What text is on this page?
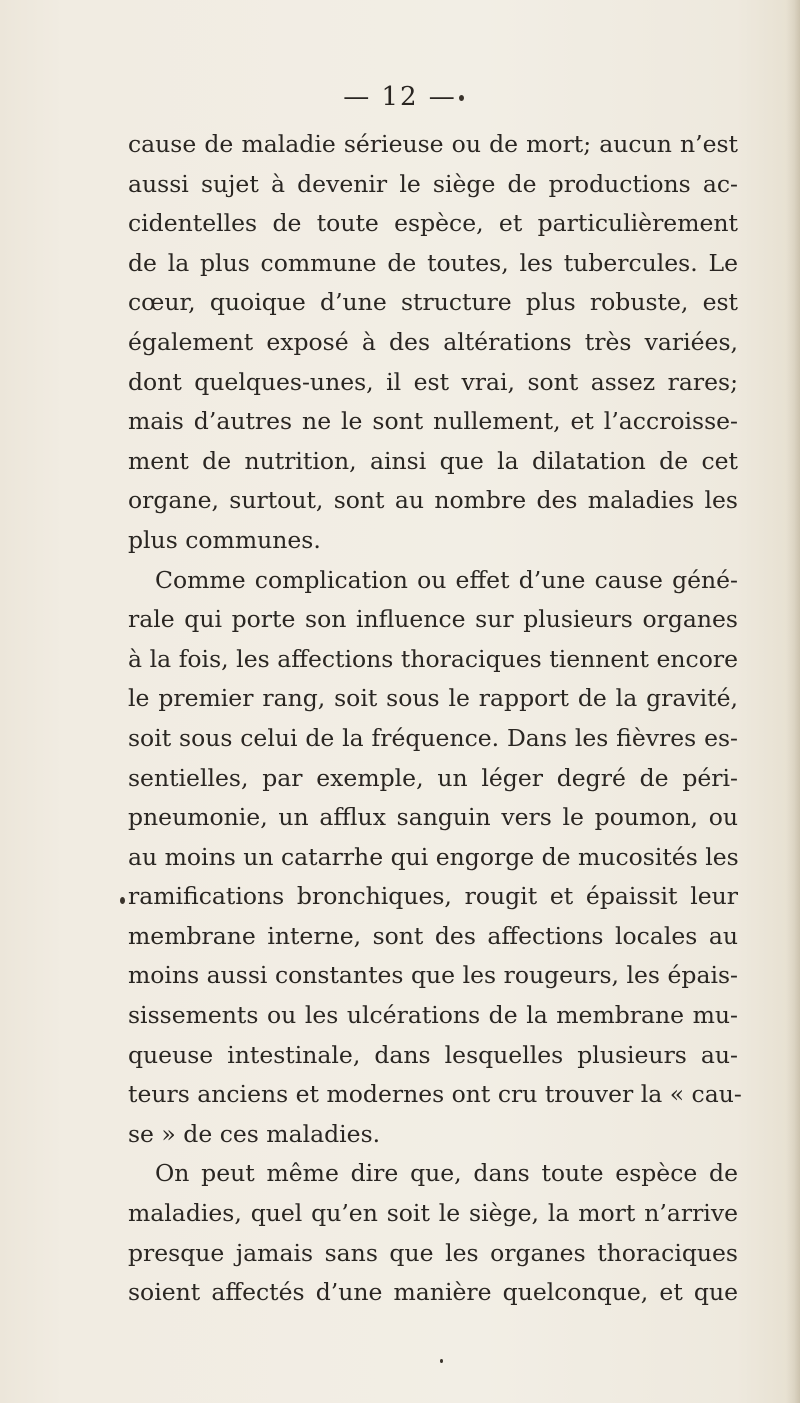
— 12 —
cause de maladie sérieuse ou de mort; aucun n’est
aussi sujet à devenir le siège de productions ac-
cidentelles de toute espèce, et particulièrement
de la plus commune de toutes, les tubercules. Le
cœur, quoique d’une structure plus robuste, est
également exposé à des altérations très variées,
dont quelques-unes, il est vrai, sont assez rares;
mais d’autres ne le sont nullement, et l’accroisse-
ment de nutrition, ainsi que la dilatation de cet
organe, surtout, sont au nombre des maladies les
plus communes.
Comme complication ou effet d’une cause géné-
rale qui porte son influence sur plusieurs organes
à la fois, les affections thoraciques tiennent encore
le premier rang, soit sous le rapport de la gravité,
soit sous celui de la fréquence. Dans les fièvres es-
sentielles, par exemple, un léger degré de péri-
pneumonie, un afflux sanguin vers le poumon, ou
au moins un catarrhe qui engorge de mucosités les
ramifications bronchiques, rougit et épaissit leur
membrane interne, sont des affections locales au
moins aussi constantes que les rougeurs, les épais-
sissements ou les ulcérations de la membrane mu-
queuse intestinale, dans lesquelles plusieurs au-
teurs anciens et modernes ont cru trouver la « cau-
se » de ces maladies.
On peut même dire que, dans toute espèce de
maladies, quel qu’en soit le siège, la mort n’arrive
presque jamais sans que les organes thoraciques
soient affectés d’une manière quelconque, et que
